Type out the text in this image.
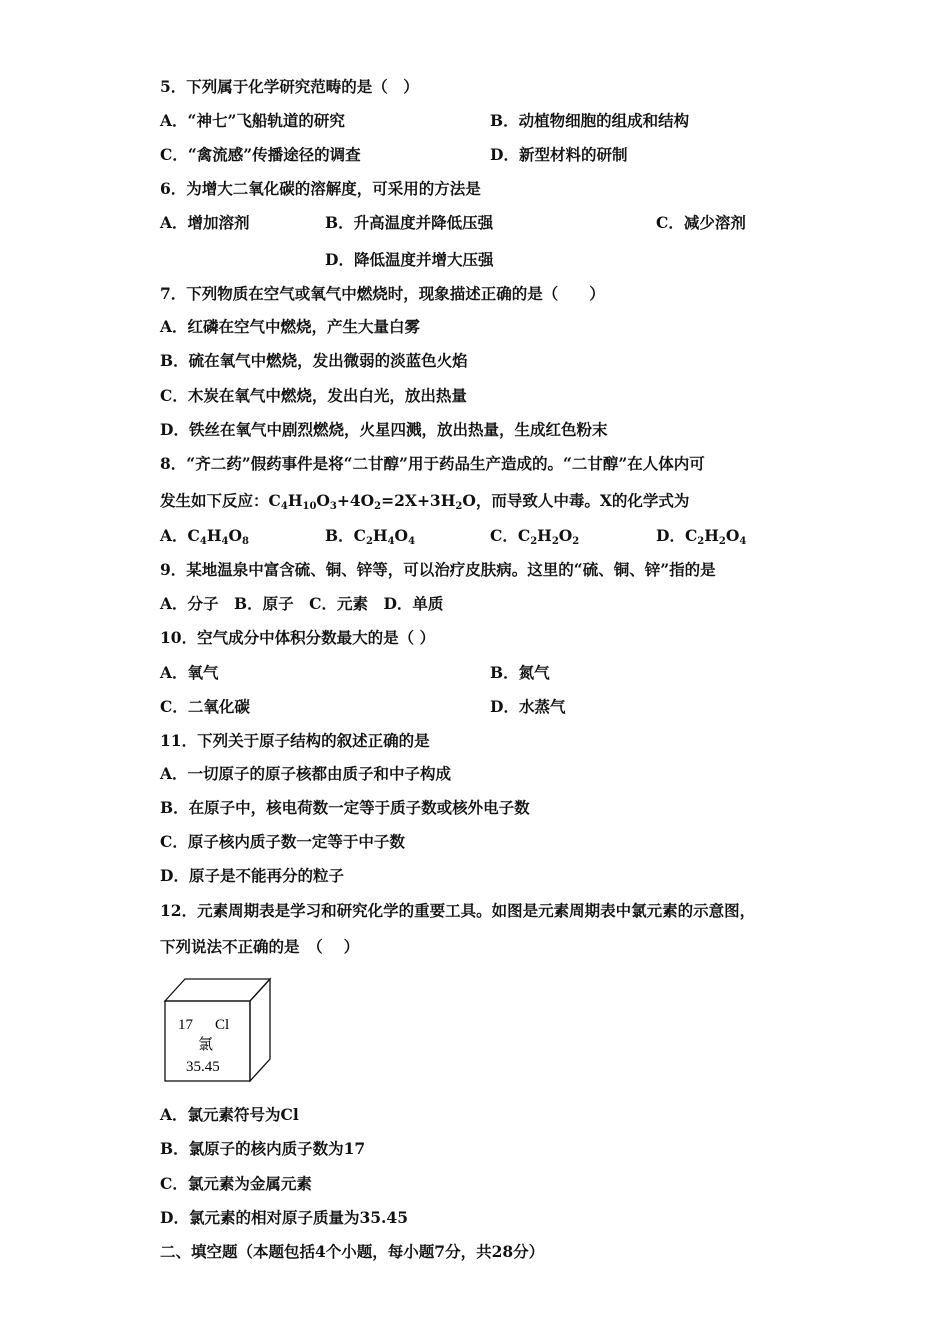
5．下列属于化学研究范畴的是（　）
A．“神七”飞船轨道的研究	B．动植物细胞的组成和结构
C．“禽流感”传播途径的调查	D．新型材料的研制
6．为增大二氧化碳的溶解度，可采用的方法是
A．增加溶剂	B．升高温度并降低压强	C．减少溶剂
D．降低温度并增大压强
7．下列物质在空气或氧气中燃烧时，现象描述正确的是（　　）
A．红磷在空气中燃烧，产生大量白雾
B．硫在氧气中燃烧，发出微弱的淡蓝色火焰
C．木炭在氧气中燃烧，发出白光，放出热量
D．铁丝在氧气中剧烈燃烧，火星四溅，放出热量，生成红色粉末
8．“齐二药”假药事件是将“二甘醇”用于药品生产造成的。“二甘醇”在人体内可
发生如下反应：$C_4H_{10}O_3+4O_2=2X+3H_2O$，而导致人中毒。X的化学式为
A．$C_4H_4O_8$	B．$C_2H_4O_4$	C．$C_2H_2O_2$	D．$C_2H_2O_4$
9．某地温泉中富含硫、铜、锌等，可以治疗皮肤病。这里的“硫、铜、锌”指的是
A．分子　B．原子　C．元素　D．单质
10．空气成分中体积分数最大的是（ ）
A．氧气	B．氮气
C．二氧化碳	D．水蒸气
11．下列关于原子结构的叙述正确的是
A．一切原子的原子核都由质子和中子构成
B．在原子中，核电荷数一定等于质子数或核外电子数
C．原子核内质子数一定等于中子数
D．原子是不能再分的粒子
12．元素周期表是学习和研究化学的重要工具。如图是元素周期表中氯元素的示意图，
下列说法不正确的是　（　 ）
17 Cl
氯
35.45
A．氯元素符号为Cl
B．氯原子的核内质子数为17
C．氯元素为金属元素
D．氯元素的相对原子质量为35.45
二、填空题（本题包括4个小题，每小题7分，共28分）
